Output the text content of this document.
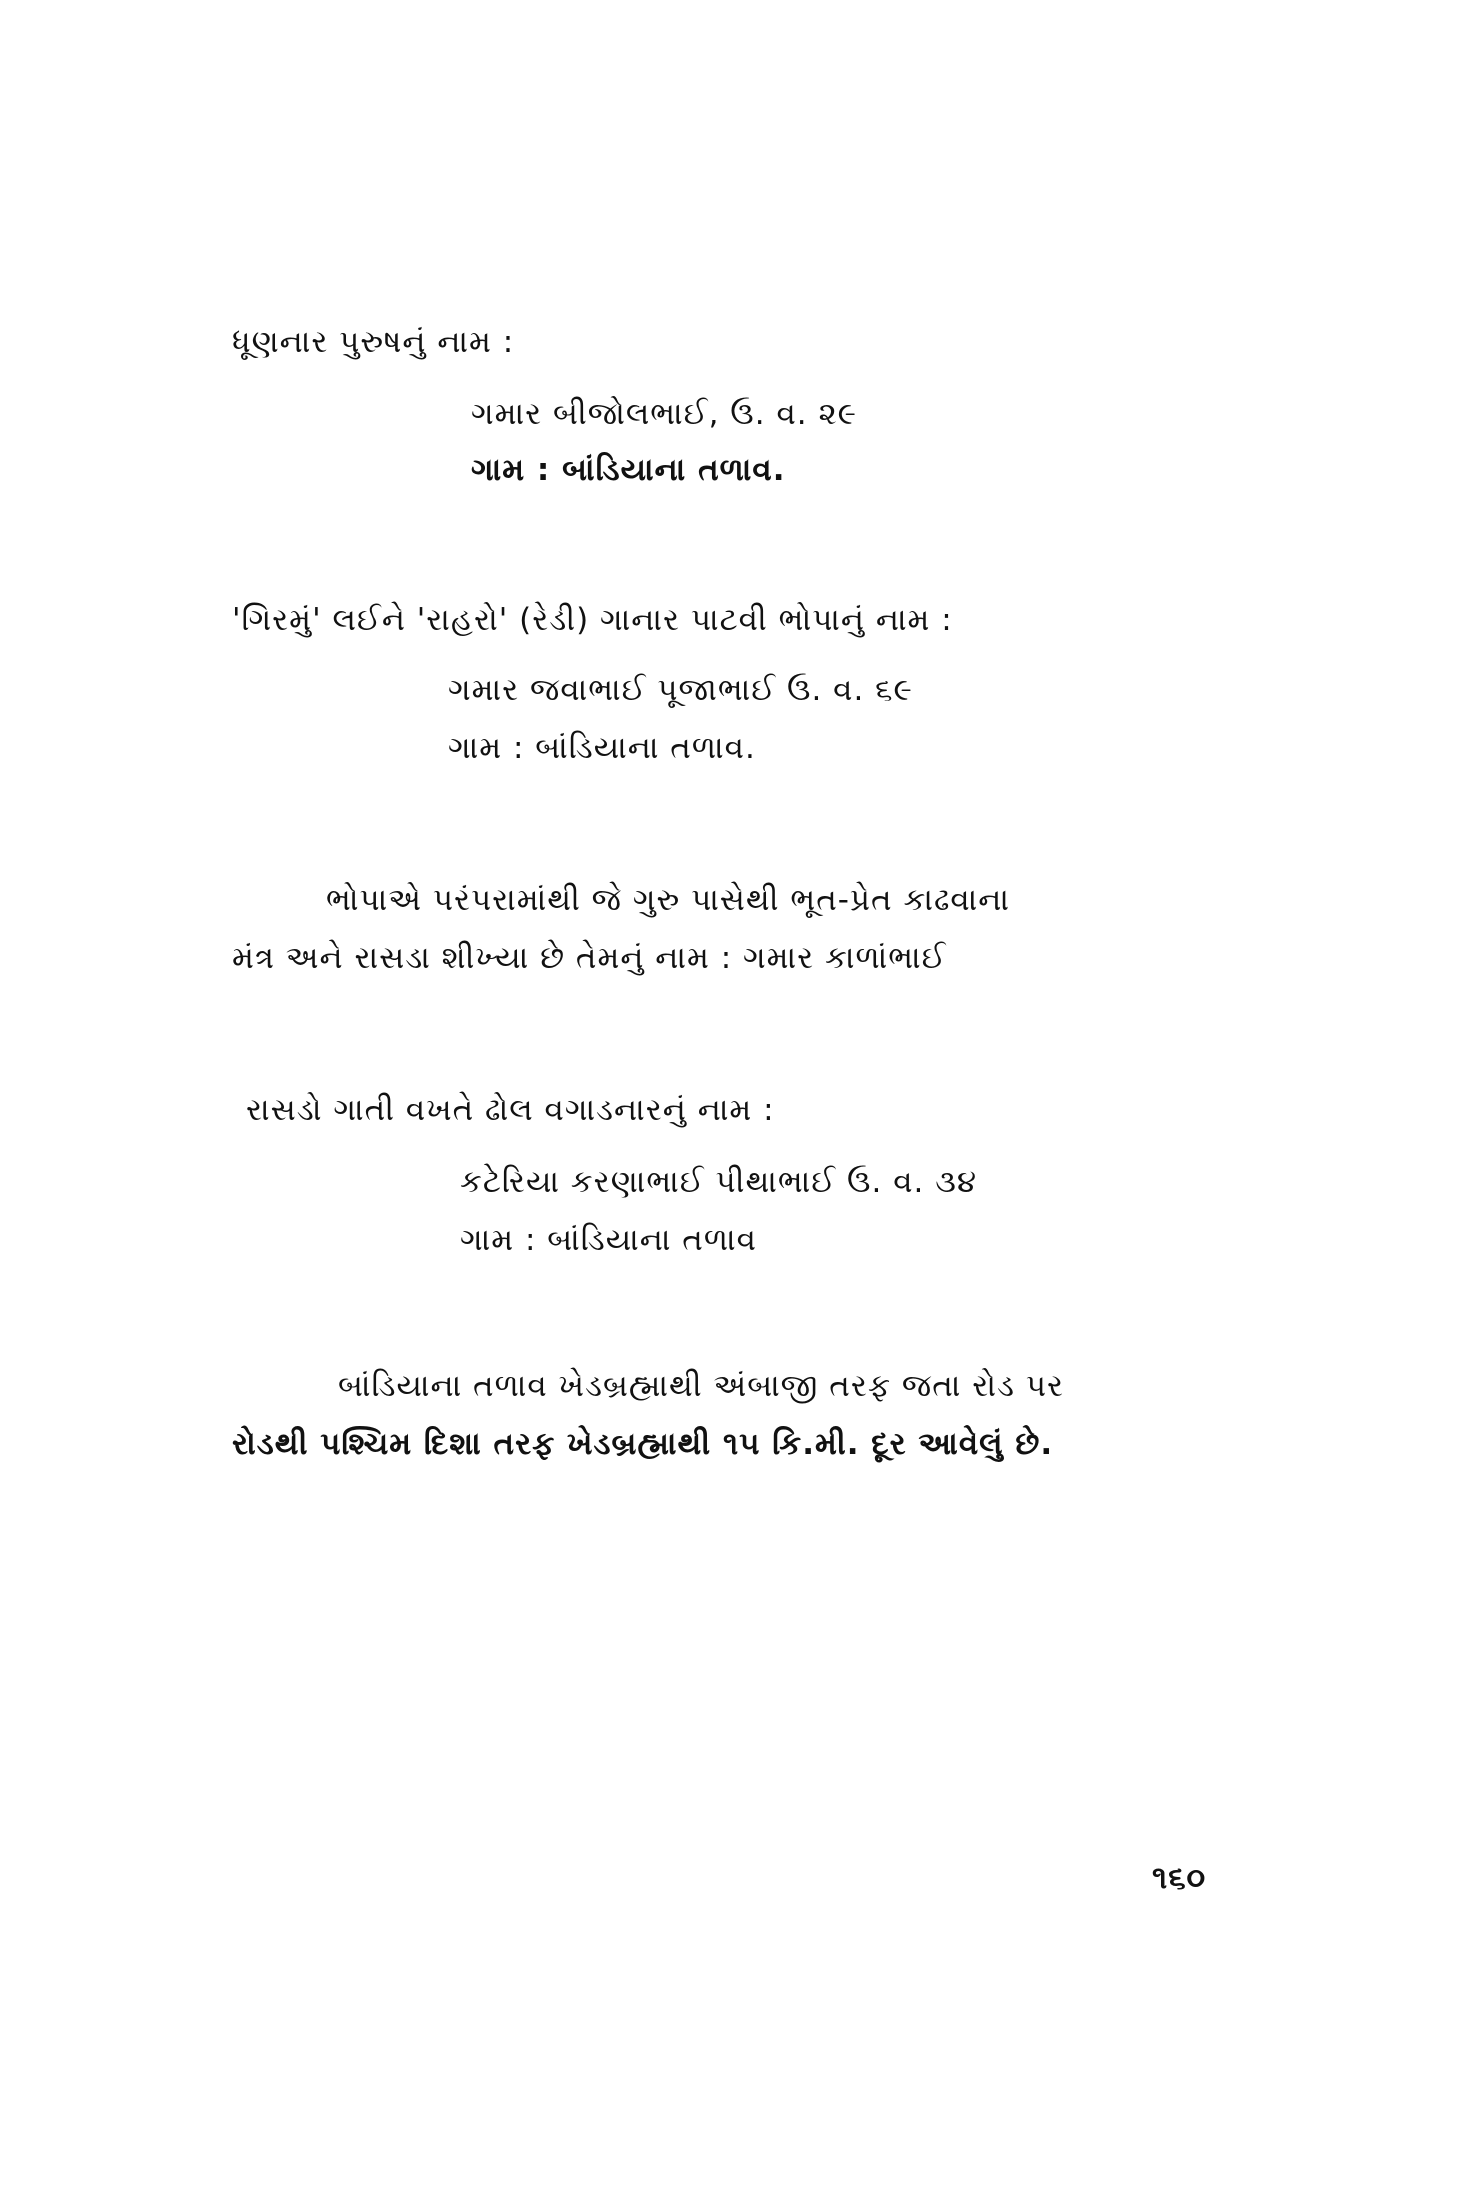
ધૂણનાર પુરુષનું નામ :
ગમાર બીજોલભાઈ, ઉ. વ. ૨૯
ગામ : બાંડિયાના તળાવ.
'ગિરમું' લઈને 'રાહરો' (રેડી) ગાનાર પાટવી ભોપાનું નામ :
ગમાર જવાભાઈ પૂજાભાઈ ઉ. વ. ૬૯
ગામ : બાંડિયાના તળાવ.
ભોપાએ પરંપરામાંથી જે ગુરુ પાસેથી ભૂત-પ્રેત કાઢવાના
મંત્ર અને રાસડા શીખ્યા છે તેમનું નામ : ગમાર કાળાંભાઈ
રાસડો ગાતી વખતે ઢોલ વગાડનારનું નામ :
કટેરિયા કરણાભાઈ પીથાભાઈ ઉ. વ. ૩૪
ગામ : બાંડિયાના તળાવ
બાંડિયાના તળાવ ખેડબ્રહ્માથી અંબાજી તરફ જતા રોડ પર
રોડથી પશ્ચિમ દિશા તરફ ખેડબ્રહ્માથી ૧૫ કિ.મી. દૂર આવેલું છે.
૧૬૦
